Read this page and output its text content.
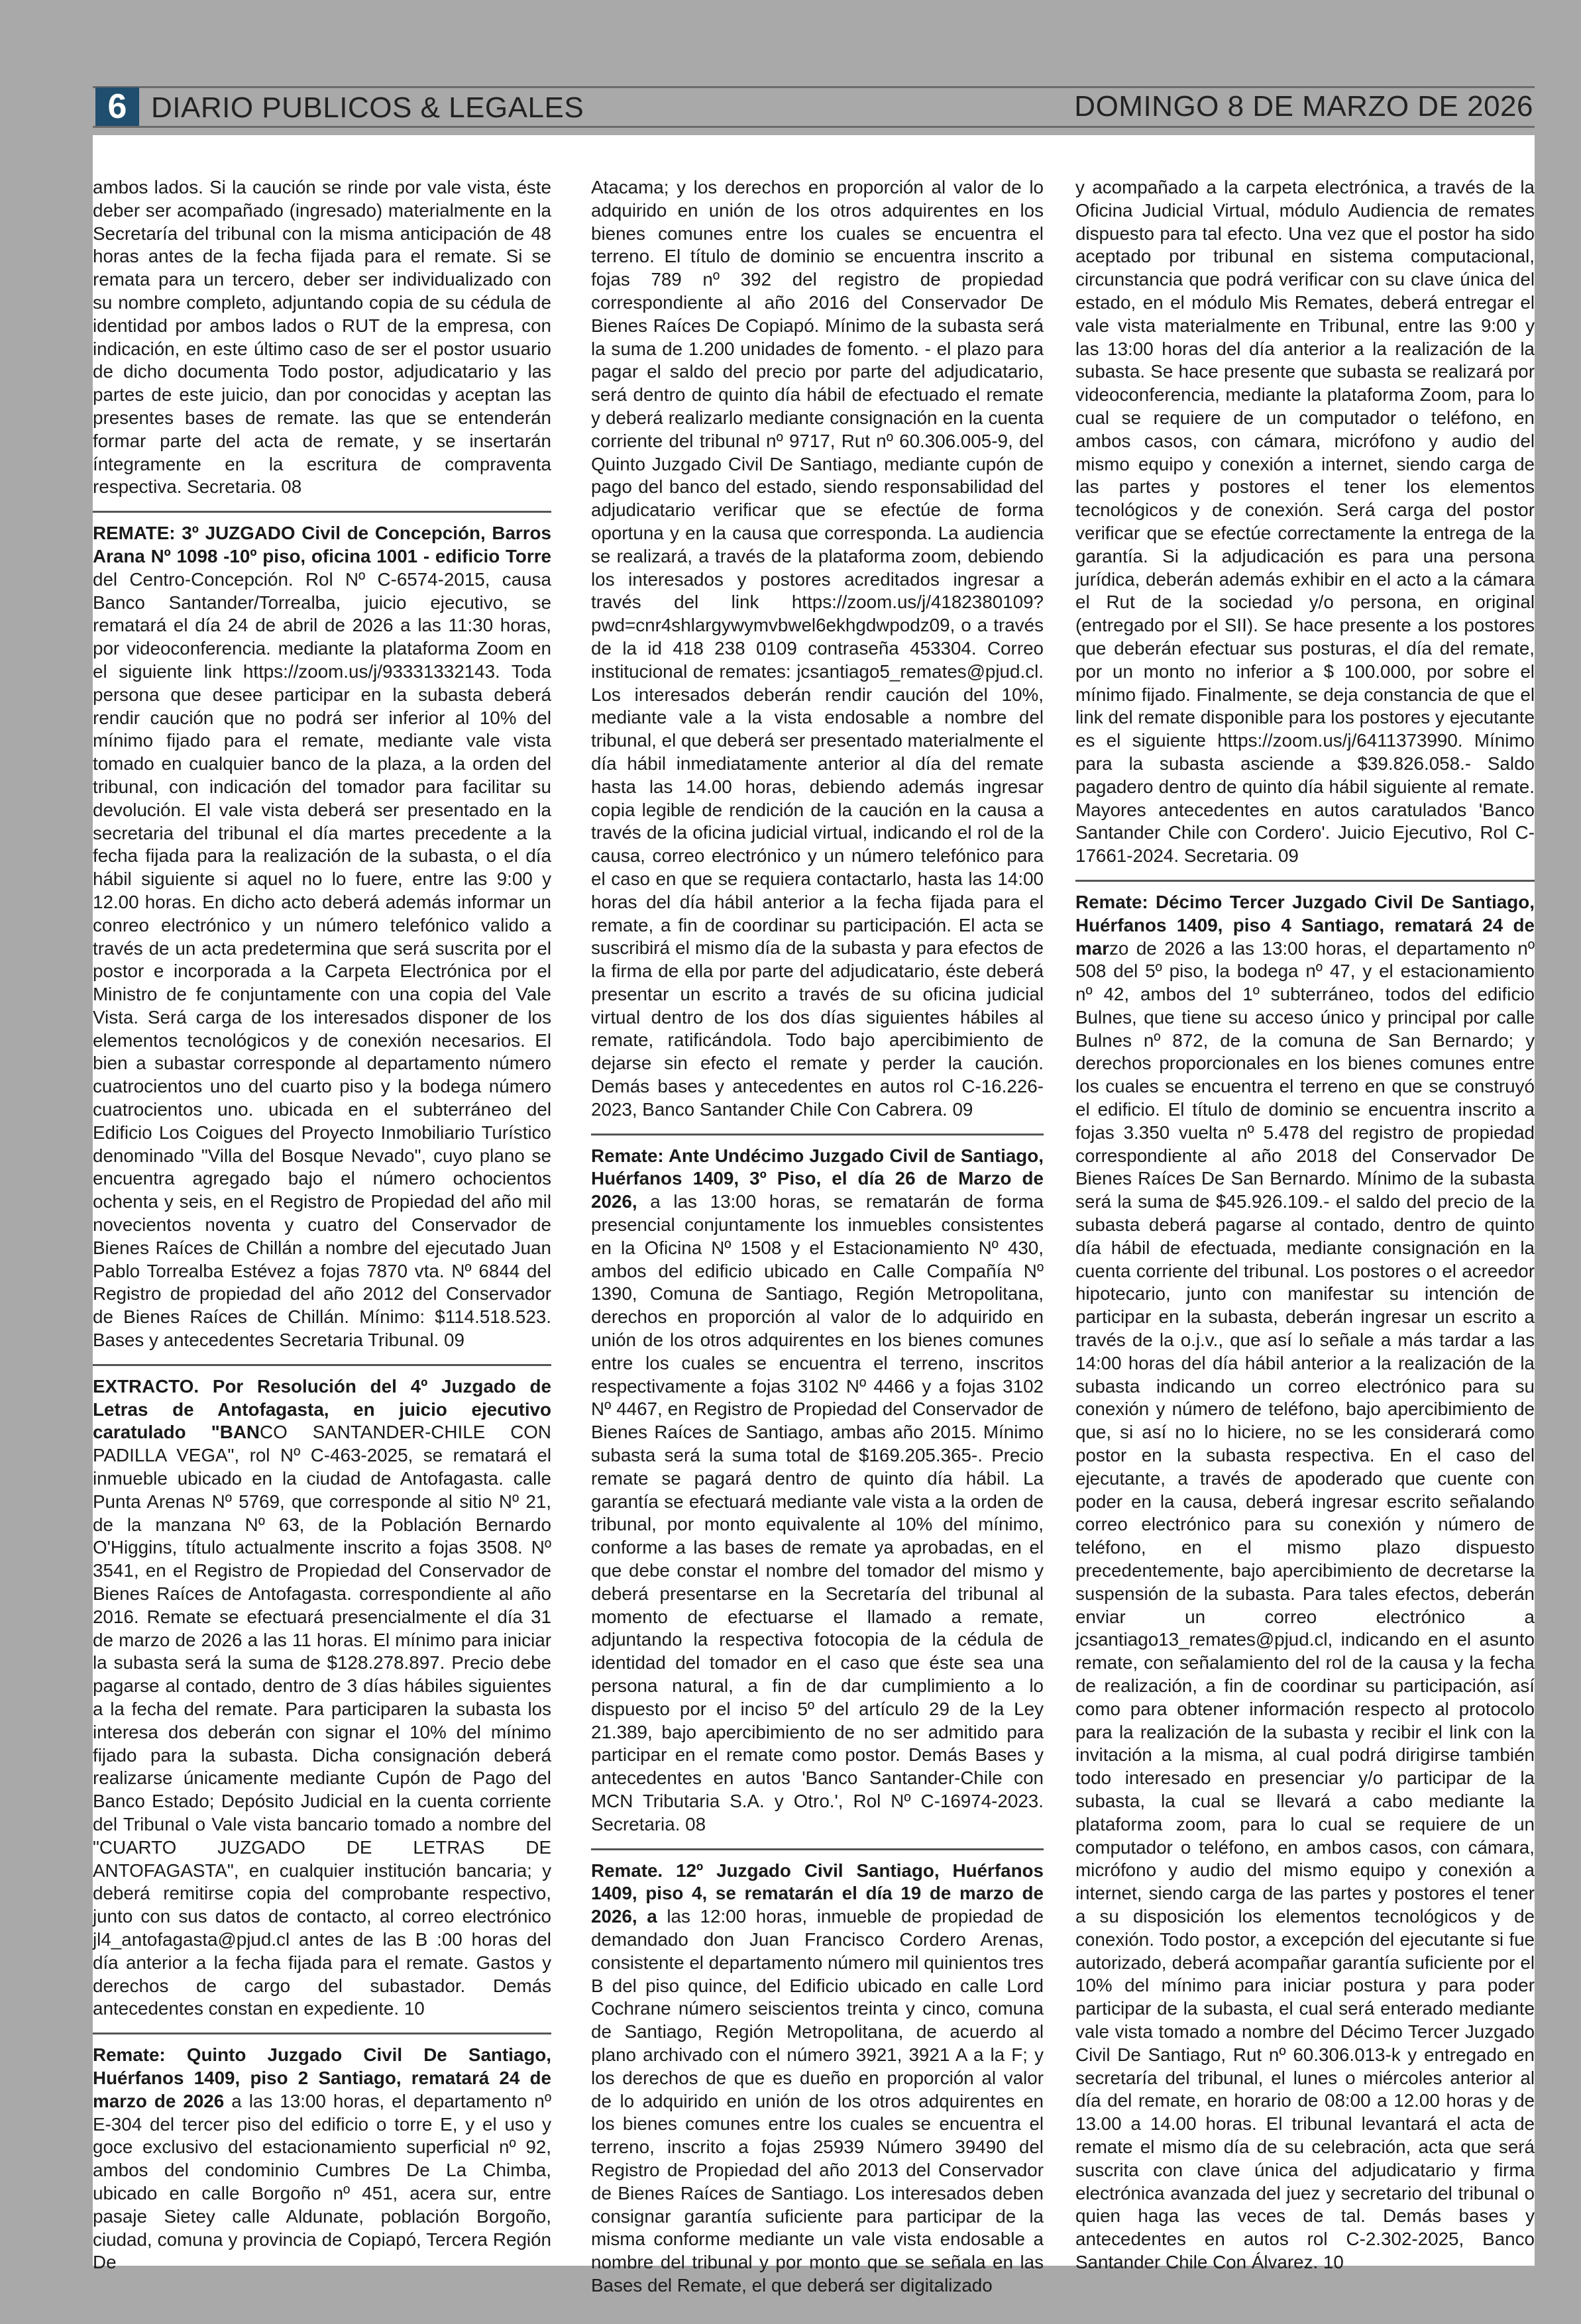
6 DIARIO PUBLICOS & LEGALES	DOMINGO 8 DE MARZO DE 2026

ambos lados. Si la caución se rinde por vale vista, éste deber ser acompañado (ingresado) materialmente en la Secretaría del tribunal con la misma anticipación de 48 horas antes de la fecha fijada para el remate. Si se remata para un tercero, deber ser individualizado con su nombre completo, adjuntando copia de su cédula de identidad por ambos lados o RUT de la empresa, con indicación, en este último caso de ser el postor usuario de dicho documenta Todo postor, adjudicatario y las partes de este juicio, dan por conocidas y aceptan las presentes bases de remate. las que se entenderán formar parte del acta de remate, y se insertarán íntegramente en la escritura de compraventa respectiva. Secretaria. 08

REMATE: 3º JUZGADO Civil de Concepción, Barros Arana Nº 1098 -10º piso, oficina 1001 - edificio Torre del Centro-Concepción. Rol Nº C-6574-2015, causa Banco Santander/Torrealba, juicio ejecutivo, se rematará el día 24 de abril de 2026 a las 11:30 horas, por videoconferencia. mediante la plataforma Zoom en el siguiente link https://zoom.us/j/93331332143. Toda persona que desee participar en la subasta deberá rendir caución que no podrá ser inferior al 10% del mínimo fijado para el remate, mediante vale vista tomado en cualquier banco de la plaza, a la orden del tribunal, con indicación del tomador para facilitar su devolución. El vale vista deberá ser presentado en la secretaria del tribunal el día martes precedente a la fecha fijada para la realización de la subasta, o el día hábil siguiente si aquel no lo fuere, entre las 9:00 y 12.00 horas. En dicho acto deberá además informar un conreo electrónico y un número telefónico valido a través de un acta predetermina que será suscrita por el postor e incorporada a la Carpeta Electrónica por el Ministro de fe conjuntamente con una copia del Vale Vista. Será carga de los interesados disponer de los elementos tecnológicos y de conexión necesarios. El bien a subastar corresponde al departamento número cuatrocientos uno del cuarto piso y la bodega número cuatrocientos uno. ubicada en el subterráneo del Edificio Los Coigues del Proyecto Inmobiliario Turístico denominado "Villa del Bosque Nevado", cuyo plano se encuentra agregado bajo el número ochocientos ochenta y seis, en el Registro de Propiedad del año mil novecientos noventa y cuatro del Conservador de Bienes Raíces de Chillán a nombre del ejecutado Juan Pablo Torrealba Estévez a fojas 7870 vta. Nº 6844 del Registro de propiedad del año 2012 del Conservador de Bienes Raíces de Chillán. Mínimo: $114.518.523. Bases y antecedentes Secretaria Tribunal. 09

EXTRACTO. Por Resolución del 4º Juzgado de Letras de Antofagasta, en juicio ejecutivo caratulado "BANCO SANTANDER-CHILE CON PADILLA VEGA", rol Nº C-463-2025, se rematará el inmueble ubicado en la ciudad de Antofagasta. calle Punta Arenas Nº 5769, que corresponde al sitio Nº 21, de la manzana Nº 63, de la Población Bernardo O'Higgins, título actualmente inscrito a fojas 3508. Nº 3541, en el Registro de Propiedad del Conservador de Bienes Raíces de Antofagasta. correspondiente al año 2016. Remate se efectuará presencialmente el día 31 de marzo de 2026 a las 11 horas. El mínimo para iniciar la subasta será la suma de $128.278.897. Precio debe pagarse al contado, dentro de 3 días hábiles siguientes a la fecha del remate. Para participaren la subasta los interesa dos deberán con signar el 10% del mínimo fijado para la subasta. Dicha consignación deberá realizarse únicamente mediante Cupón de Pago del Banco Estado; Depósito Judicial en la cuenta corriente del Tribunal o Vale vista bancario tomado a nombre del "CUARTO JUZGADO DE LETRAS DE ANTOFAGASTA", en cualquier institución bancaria; y deberá remitirse copia del comprobante respectivo, junto con sus datos de contacto, al correo electrónico jl4_antofagasta@pjud.cl antes de las B :00 horas del día anterior a la fecha fijada para el remate. Gastos y derechos de cargo del subastador. Demás antecedentes constan en expediente. 10

Remate: Quinto Juzgado Civil De Santiago, Huérfanos 1409, piso 2 Santiago, rematará 24 de marzo de 2026 a las 13:00 horas, el departamento nº E-304 del tercer piso del edificio o torre E, y el uso y goce exclusivo del estacionamiento superficial nº 92, ambos del condominio Cumbres De La Chimba, ubicado en calle Borgoño nº 451, acera sur, entre pasaje Sietey calle Aldunate, población Borgoño, ciudad, comuna y provincia de Copiapó, Tercera Región De

Atacama; y los derechos en proporción al valor de lo adquirido en unión de los otros adquirentes en los bienes comunes entre los cuales se encuentra el terreno. El título de dominio se encuentra inscrito a fojas 789 nº 392 del registro de propiedad correspondiente al año 2016 del Conservador De Bienes Raíces De Copiapó. Mínimo de la subasta será la suma de 1.200 unidades de fomento. - el plazo para pagar el saldo del precio por parte del adjudicatario, será dentro de quinto día hábil de efectuado el remate y deberá realizarlo mediante consignación en la cuenta corriente del tribunal nº 9717, Rut nº 60.306.005-9, del Quinto Juzgado Civil De Santiago, mediante cupón de pago del banco del estado, siendo responsabilidad del adjudicatario verificar que se efectúe de forma oportuna y en la causa que corresponda. La audiencia se realizará, a través de la plataforma zoom, debiendo los interesados y postores acreditados ingresar a través del link https://zoom.us/j/4182380109?pwd=cnr4shlargywymvbwel6ekhgdwpodz09, o a través de la id 418 238 0109 contraseña 453304. Correo institucional de remates: jcsantiago5_remates@pjud.cl. Los interesados deberán rendir caución del 10%, mediante vale a la vista endosable a nombre del tribunal, el que deberá ser presentado materialmente el día hábil inmediatamente anterior al día del remate hasta las 14.00 horas, debiendo además ingresar copia legible de rendición de la caución en la causa a través de la oficina judicial virtual, indicando el rol de la causa, correo electrónico y un número telefónico para el caso en que se requiera contactarlo, hasta las 14:00 horas del día hábil anterior a la fecha fijada para el remate, a fin de coordinar su participación. El acta se suscribirá el mismo día de la subasta y para efectos de la firma de ella por parte del adjudicatario, éste deberá presentar un escrito a través de su oficina judicial virtual dentro de los dos días siguientes hábiles al remate, ratificándola. Todo bajo apercibimiento de dejarse sin efecto el remate y perder la caución. Demás bases y antecedentes en autos rol C-16.226-2023, Banco Santander Chile Con Cabrera. 09

Remate: Ante Undécimo Juzgado Civil de Santiago, Huérfanos 1409, 3º Piso, el día 26 de Marzo de 2026, a las 13:00 horas, se rematarán de forma presencial conjuntamente los inmuebles consistentes en la Oficina Nº 1508 y el Estacionamiento Nº 430, ambos del edificio ubicado en Calle Compañía Nº 1390, Comuna de Santiago, Región Metropolitana, derechos en proporción al valor de lo adquirido en unión de los otros adquirentes en los bienes comunes entre los cuales se encuentra el terreno, inscritos respectivamente a fojas 3102 Nº 4466 y a fojas 3102 Nº 4467, en Registro de Propiedad del Conservador de Bienes Raíces de Santiago, ambas año 2015. Mínimo subasta será la suma total de $169.205.365-. Precio remate se pagará dentro de quinto día hábil. La garantía se efectuará mediante vale vista a la orden de tribunal, por monto equivalente al 10% del mínimo, conforme a las bases de remate ya aprobadas, en el que debe constar el nombre del tomador del mismo y deberá presentarse en la Secretaría del tribunal al momento de efectuarse el llamado a remate, adjuntando la respectiva fotocopia de la cédula de identidad del tomador en el caso que éste sea una persona natural, a fin de dar cumplimiento a lo dispuesto por el inciso 5º del artículo 29 de la Ley 21.389, bajo apercibimiento de no ser admitido para participar en el remate como postor. Demás Bases y antecedentes en autos 'Banco Santander-Chile con MCN Tributaria S.A. y Otro.', Rol Nº C-16974-2023. Secretaria. 08

Remate. 12º Juzgado Civil Santiago, Huérfanos 1409, piso 4, se rematarán el día 19 de marzo de 2026, a las 12:00 horas, inmueble de propiedad de demandado don Juan Francisco Cordero Arenas, consistente el departamento número mil quinientos tres B del piso quince, del Edificio ubicado en calle Lord Cochrane número seiscientos treinta y cinco, comuna de Santiago, Región Metropolitana, de acuerdo al plano archivado con el número 3921, 3921 A a la F; y los derechos de que es dueño en proporción al valor de lo adquirido en unión de los otros adquirentes en los bienes comunes entre los cuales se encuentra el terreno, inscrito a fojas 25939 Número 39490 del Registro de Propiedad del año 2013 del Conservador de Bienes Raíces de Santiago. Los interesados deben consignar garantía suficiente para participar de la misma conforme mediante un vale vista endosable a nombre del tribunal y por monto que se señala en las Bases del Remate, el que deberá ser digitalizado

y acompañado a la carpeta electrónica, a través de la Oficina Judicial Virtual, módulo Audiencia de remates dispuesto para tal efecto. Una vez que el postor ha sido aceptado por tribunal en sistema computacional, circunstancia que podrá verificar con su clave única del estado, en el módulo Mis Remates, deberá entregar el vale vista materialmente en Tribunal, entre las 9:00 y las 13:00 horas del día anterior a la realización de la subasta. Se hace presente que subasta se realizará por videoconferencia, mediante la plataforma Zoom, para lo cual se requiere de un computador o teléfono, en ambos casos, con cámara, micrófono y audio del mismo equipo y conexión a internet, siendo carga de las partes y postores el tener los elementos tecnológicos y de conexión. Será carga del postor verificar que se efectúe correctamente la entrega de la garantía. Si la adjudicación es para una persona jurídica, deberán además exhibir en el acto a la cámara el Rut de la sociedad y/o persona, en original (entregado por el SII). Se hace presente a los postores que deberán efectuar sus posturas, el día del remate, por un monto no inferior a $ 100.000, por sobre el mínimo fijado. Finalmente, se deja constancia de que el link del remate disponible para los postores y ejecutante es el siguiente https://zoom.us/j/6411373990. Mínimo para la subasta asciende a $39.826.058.- Saldo pagadero dentro de quinto día hábil siguiente al remate. Mayores antecedentes en autos caratulados 'Banco Santander Chile con Cordero'. Juicio Ejecutivo, Rol C-17661-2024. Secretaria. 09

Remate: Décimo Tercer Juzgado Civil De Santiago, Huérfanos 1409, piso 4 Santiago, rematará 24 de marzo de 2026 a las 13:00 horas, el departamento nº 508 del 5º piso, la bodega nº 47, y el estacionamiento nº 42, ambos del 1º subterráneo, todos del edificio Bulnes, que tiene su acceso único y principal por calle Bulnes nº 872, de la comuna de San Bernardo; y derechos proporcionales en los bienes comunes entre los cuales se encuentra el terreno en que se construyó el edificio. El título de dominio se encuentra inscrito a fojas 3.350 vuelta nº 5.478 del registro de propiedad correspondiente al año 2018 del Conservador De Bienes Raíces De San Bernardo. Mínimo de la subasta será la suma de $45.926.109.- el saldo del precio de la subasta deberá pagarse al contado, dentro de quinto día hábil de efectuada, mediante consignación en la cuenta corriente del tribunal. Los postores o el acreedor hipotecario, junto con manifestar su intención de participar en la subasta, deberán ingresar un escrito a través de la o.j.v., que así lo señale a más tardar a las 14:00 horas del día hábil anterior a la realización de la subasta indicando un correo electrónico para su conexión y número de teléfono, bajo apercibimiento de que, si así no lo hiciere, no se les considerará como postor en la subasta respectiva. En el caso del ejecutante, a través de apoderado que cuente con poder en la causa, deberá ingresar escrito señalando correo electrónico para su conexión y número de teléfono, en el mismo plazo dispuesto precedentemente, bajo apercibimiento de decretarse la suspensión de la subasta. Para tales efectos, deberán enviar un correo electrónico a jcsantiago13_remates@pjud.cl, indicando en el asunto remate, con señalamiento del rol de la causa y la fecha de realización, a fin de coordinar su participación, así como para obtener información respecto al protocolo para la realización de la subasta y recibir el link con la invitación a la misma, al cual podrá dirigirse también todo interesado en presenciar y/o participar de la subasta, la cual se llevará a cabo mediante la plataforma zoom, para lo cual se requiere de un computador o teléfono, en ambos casos, con cámara, micrófono y audio del mismo equipo y conexión a internet, siendo carga de las partes y postores el tener a su disposición los elementos tecnológicos y de conexión. Todo postor, a excepción del ejecutante si fue autorizado, deberá acompañar garantía suficiente por el 10% del mínimo para iniciar postura y para poder participar de la subasta, el cual será enterado mediante vale vista tomado a nombre del Décimo Tercer Juzgado Civil De Santiago, Rut nº 60.306.013-k y entregado en secretaría del tribunal, el lunes o miércoles anterior al día del remate, en horario de 08:00 a 12.00 horas y de 13.00 a 14.00 horas. El tribunal levantará el acta de remate el mismo día de su celebración, acta que será suscrita con clave única del adjudicatario y firma electrónica avanzada del juez y secretario del tribunal o quien haga las veces de tal. Demás bases y antecedentes en autos rol C-2.302-2025, Banco Santander Chile Con Álvarez. 10
